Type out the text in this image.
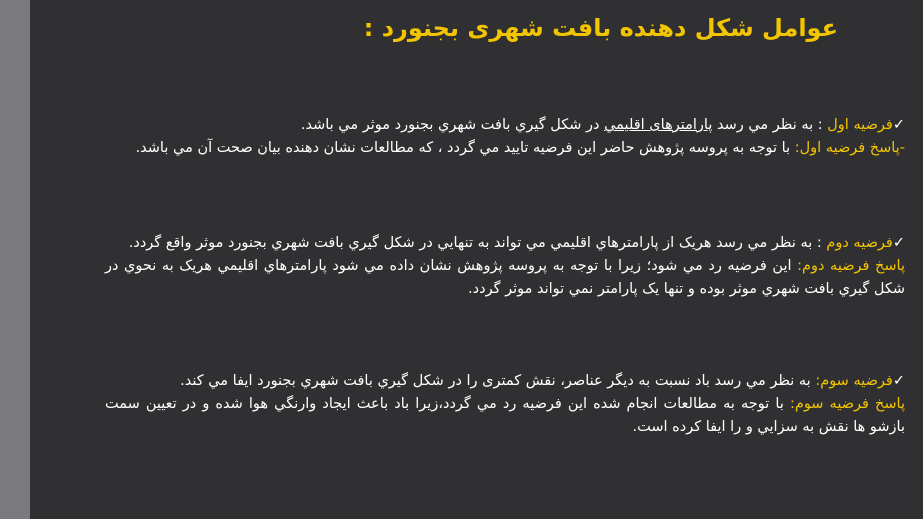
عوامل شکل دهنده بافت شهری بجنورد :
✓فرضيه اول : به نظر مي رسد پارامترهای اقليمي در شکل گيري بافت شهري بجنورد موثر مي باشد.
-پاسخ فرضيه اول: با توجه به پروسه پژوهش حاضر اين فرضيه تاييد مي گردد ، که مطالعات نشان دهنده بيان صحت آن مي باشد.
✓فرضيه دوم : به نظر مي رسد هريک از پارامترهاي اقليمي مي تواند به تنهايي در شکل گيري بافت شهري بجنورد موثر واقع گردد.
پاسخ فرضيه دوم: اين فرضيه رد مي شود؛ زيرا با توجه به پروسه پژوهش نشان داده مي شود پارامترهاي اقليمي هريک به نحوي در شکل گيري بافت شهري موثر بوده و تنها يک پارامتر نمي تواند موثر گردد.
✓فرضيه سوم: به نظر مي رسد باد نسبت به ديگر عناصر، نقش کمتری را در شکل گيري بافت شهري بجنورد ايفا مي کند.
پاسخ فرضيه سوم: با توجه به مطالعات انجام شده اين فرضيه رد مي گردد،زيرا باد باعث ايجاد وارنگي هوا شده و در تعيين سمت بازشو ها نقش به سزايي و را ايفا کرده است.
